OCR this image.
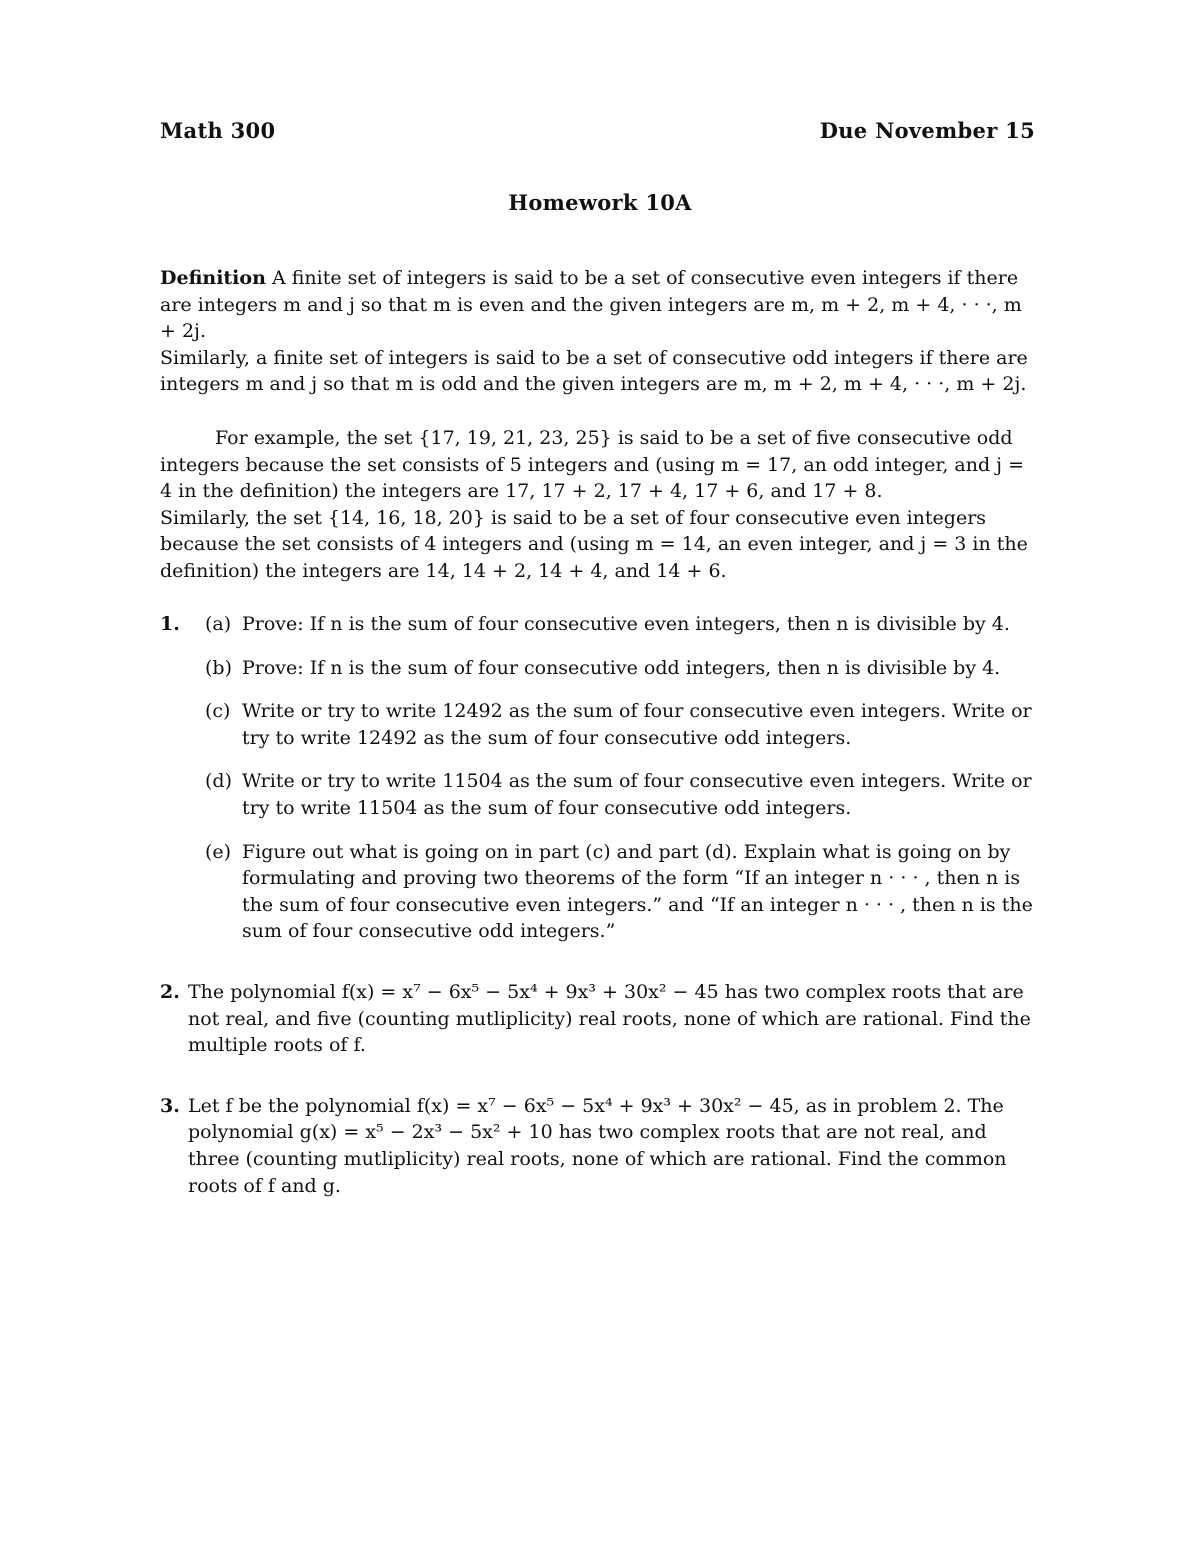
Math 300	Due November 15
Homework 10A

Definition A finite set of integers is said to be a set of consecutive even integers if there are integers m and j so that m is even and the given integers are m, m + 2, m + 4, · · ·, m + 2j.

Similarly, a finite set of integers is said to be a set of consecutive odd integers if there are integers m and j so that m is odd and the given integers are m, m + 2, m + 4, · · ·, m + 2j.

For example, the set {17, 19, 21, 23, 25} is said to be a set of five consecutive odd integers because the set consists of 5 integers and (using m = 17, an odd integer, and j = 4 in the definition) the integers are 17, 17 + 2, 17 + 4, 17 + 6, and 17 + 8.

Similarly, the set {14, 16, 18, 20} is said to be a set of four consecutive even integers because the set consists of 4 integers and (using m = 14, an even integer, and j = 3 in the definition) the integers are 14, 14 + 2, 14 + 4, and 14 + 6.

1. (a) Prove: If n is the sum of four consecutive even integers, then n is divisible by 4.
(b) Prove: If n is the sum of four consecutive odd integers, then n is divisible by 4.
(c) Write or try to write 12492 as the sum of four consecutive even integers. Write or try to write 12492 as the sum of four consecutive odd integers.
(d) Write or try to write 11504 as the sum of four consecutive even integers. Write or try to write 11504 as the sum of four consecutive odd integers.
(e) Figure out what is going on in part (c) and part (d). Explain what is going on by formulating and proving two theorems of the form “If an integer n · · · , then n is the sum of four consecutive even integers.” and “If an integer n · · · , then n is the sum of four consecutive odd integers.”
2. The polynomial f(x) = x⁷ − 6x⁵ − 5x⁴ + 9x³ + 30x² − 45 has two complex roots that are not real, and five (counting mutliplicity) real roots, none of which are rational. Find the multiple roots of f.

3. Let f be the polynomial f(x) = x⁷ − 6x⁵ − 5x⁴ + 9x³ + 30x² − 45, as in problem 2. The polynomial g(x) = x⁵ − 2x³ − 5x² + 10 has two complex roots that are not real, and three (counting mutliplicity) real roots, none of which are rational. Find the common roots of f and g.
